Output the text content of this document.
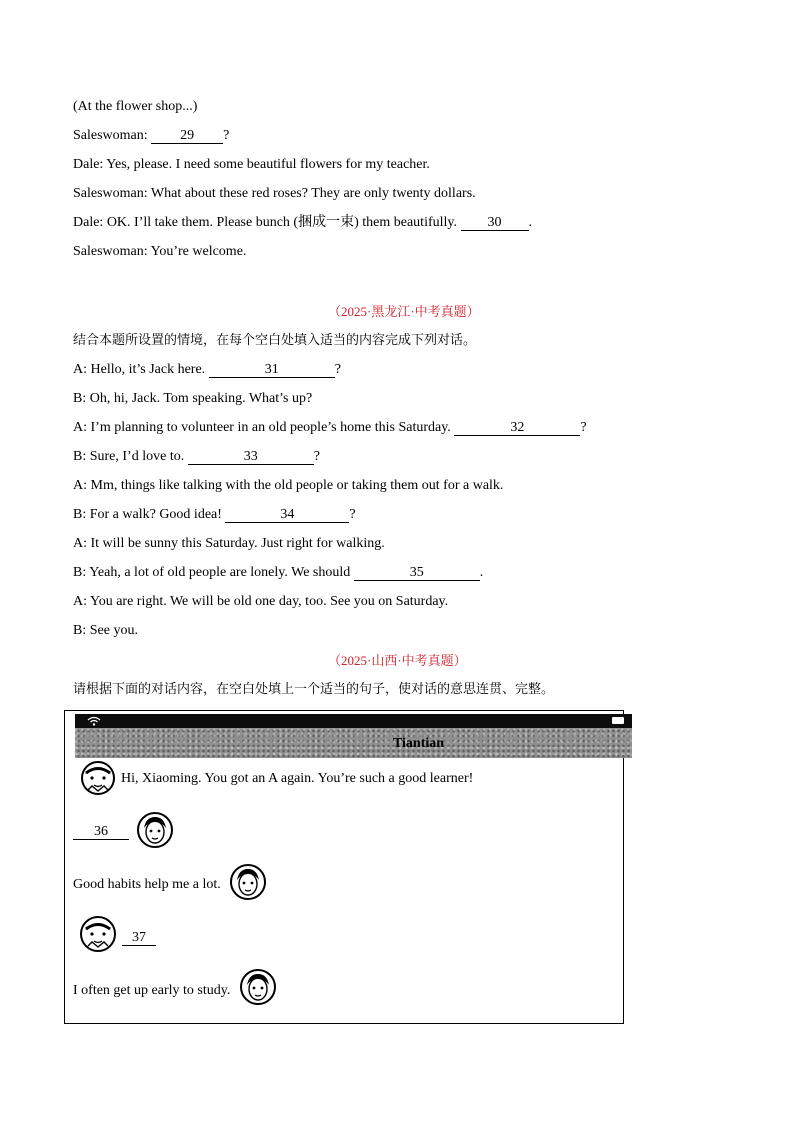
(At the flower shop...)
Saleswoman: 29 ?
Dale: Yes, please. I need some beautiful flowers for my teacher.
Saleswoman: What about these red roses? They are only twenty dollars.
Dale: OK. I’ll take them. Please bunch (捆成一束) them beautifully. 30 .
Saleswoman: You’re welcome.
（2025·黑龙江·中考真题）
结合本题所设置的情境，在每个空白处填入适当的内容完成下列对话。
A: Hello, it’s Jack here.	31	?
B: Oh, hi, Jack. Tom speaking. What’s up?
A: I’m planning to volunteer in an old people’s home this Saturday.	32	?
B: Sure, I’d love to.	33	?
A: Mm, things like talking with the old people or taking them out for a walk.
B: For a walk? Good idea!	34	?
A: It will be sunny this Saturday. Just right for walking.
B: Yeah, a lot of old people are lonely. We should	35	.
A: You are right. We will be old one day, too. See you on Saturday.
B: See you.
（2025·山西·中考真题）
请根据下面的对话内容，在空白处填上一个适当的句子，使对话的意思连贯、完整。
Tiantian
Hi, Xiaoming. You got an A again. You’re such a good learner!
36
Good habits help me a lot.
37
I often get up early to study.
